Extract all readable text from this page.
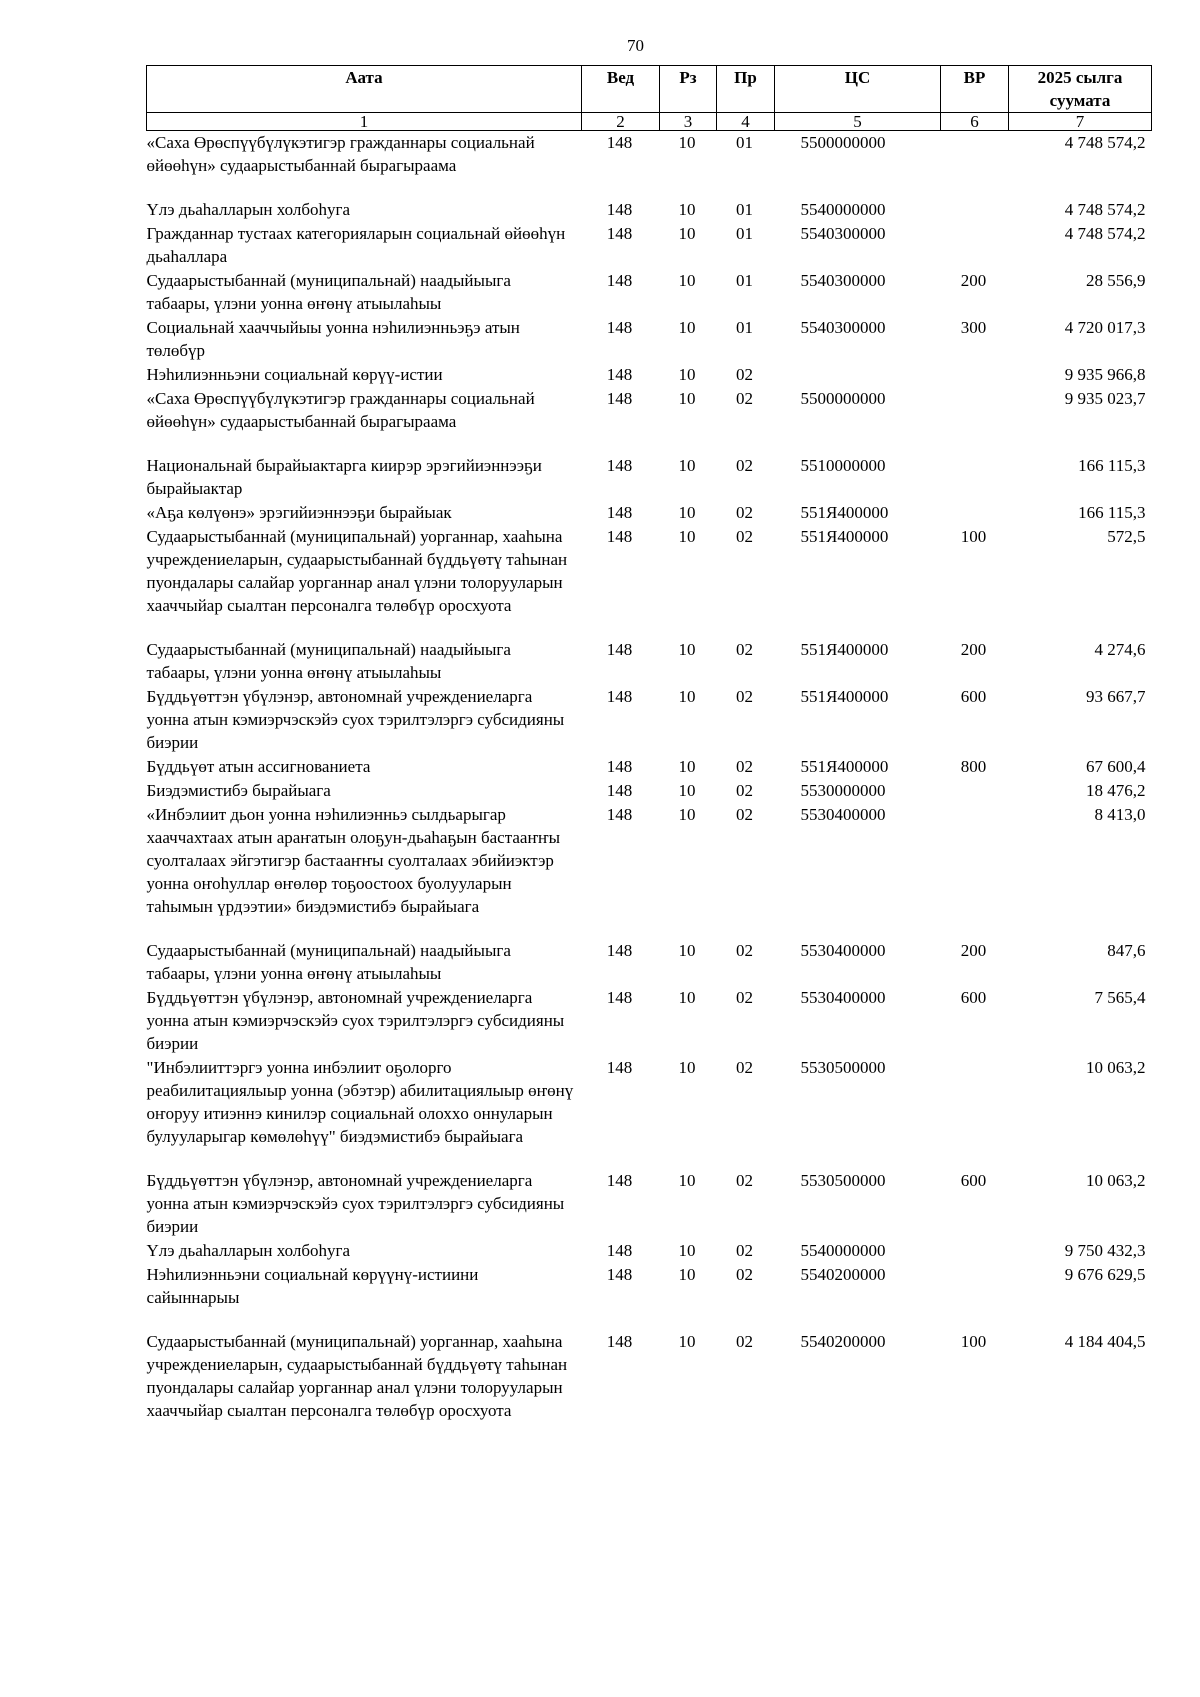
70
Аата	Вед	Рз	Пр	ЦС	ВР	2025 сылга суумата
1	2	3	4	5	6	7
«Саха Өрөспүүбүлүкэтигэр гражданнары социальнай өйөөһүн» судаарыстыбаннай бырагыраама	148	10	01	5500000000		4 748 574,2
Үлэ дьаһалларын холбоһуга	148	10	01	5540000000		4 748 574,2
Гражданнар тустаах категорияларын социальнай өйөөһүн дьаһаллара	148	10	01	5540300000		4 748 574,2
Судаарыстыбаннай (муниципальнай) наадыйыыга табаары, үлэни уонна өҥөнү атыылаһыы	148	10	01	5540300000	200	28 556,9
Социальнай хааччыйыы уонна нэһилиэнньэҕэ атын төлөбүр	148	10	01	5540300000	300	4 720 017,3
Нэһилиэнньэни социальнай көрүү-истии	148	10	02			9 935 966,8
«Саха Өрөспүүбүлүкэтигэр гражданнары социальнай өйөөһүн» судаарыстыбаннай бырагыраама	148	10	02	5500000000		9 935 023,7
Национальнай бырайыактарга киирэр эрэгийиэннээҕи бырайыактар	148	10	02	5510000000		166 115,3
«Аҕа көлүөнэ» эрэгийиэннээҕи бырайыак	148	10	02	551Я400000		166 115,3
Судаарыстыбаннай (муниципальнай) уорганнар, хааһына учреждениеларын, судаарыстыбаннай бүддьүөтү таһынан пуондалары салайар уорганнар анал үлэни толорууларын хааччыйар сыалтан персоналга төлөбүр оросхуота	148	10	02	551Я400000	100	572,5
Судаарыстыбаннай (муниципальнай) наадыйыыга табаары, үлэни уонна өҥөнү атыылаһыы	148	10	02	551Я400000	200	4 274,6
Бүддьүөттэн үбүлэнэр, автономнай учреждениеларга уонна атын кэмиэрчэскэйэ суох тэрилтэлэргэ субсидияны биэрии	148	10	02	551Я400000	600	93 667,7
Бүддьүөт атын ассигнованиета	148	10	02	551Я400000	800	67 600,4
Биэдэмистибэ бырайыага	148	10	02	5530000000		18 476,2
«Инбэлиит дьон уонна нэһилиэнньэ сылдьарыгар хааччахтаах атын араҥатын олоҕун-дьаһаҕын бастааҥҥы суолталаах эйгэтигэр бастааҥҥы суолталаах эбийиэктэр уонна оҥоһуллар өҥөлөр тоҕоостоох буолууларын таһымын үрдээтии» биэдэмистибэ бырайыага	148	10	02	5530400000		8 413,0
Судаарыстыбаннай (муниципальнай) наадыйыыга табаары, үлэни уонна өҥөнү атыылаһыы	148	10	02	5530400000	200	847,6
Бүддьүөттэн үбүлэнэр, автономнай учреждениеларга уонна атын кэмиэрчэскэйэ суох тэрилтэлэргэ субсидияны биэрии	148	10	02	5530400000	600	7 565,4
"Инбэлииттэргэ уонна инбэлиит оҕолорго реабилитациялыыр уонна (эбэтэр) абилитациялыыр өҥөнү оҥоруу итиэннэ кинилэр социальнай олохxo оннуларын булууларыгар көмөлөһүү" биэдэмистибэ бырайыага	148	10	02	5530500000		10 063,2
Бүддьүөттэн үбүлэнэр, автономнай учреждениеларга уонна атын кэмиэрчэскэйэ суох тэрилтэлэргэ субсидияны биэрии	148	10	02	5530500000	600	10 063,2
Үлэ дьаһалларын холбоһуга	148	10	02	5540000000		9 750 432,3
Нэһилиэнньэни социальнай көрүүнү-истиини сайыннарыы	148	10	02	5540200000		9 676 629,5
Судаарыстыбаннай (муниципальнай) уорганнар, хааһына учреждениеларын, судаарыстыбаннай бүддьүөтү таһынан пуондалары салайар уорганнар анал үлэни толорууларын хааччыйар сыалтан персоналга төлөбүр оросхуота	148	10	02	5540200000	100	4 184 404,5
